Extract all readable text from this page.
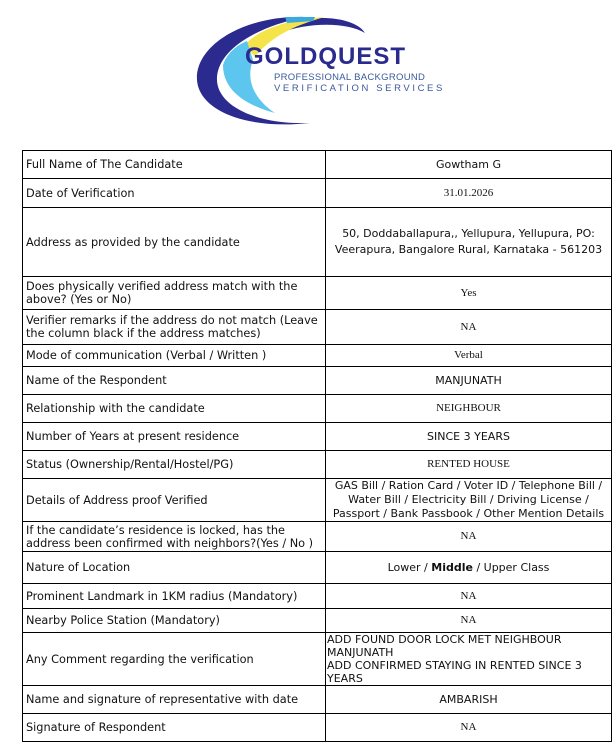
GOLDQUEST
PROFESSIONAL BACKGROUND
VERIFICATION SERVICES
Full Name of The Candidate	Gowtham G
Date of Verification	31.01.2026
Address as provided by the candidate	50, Doddaballapura,, Yellupura, Yellupura, PO: Veerapura, Bangalore Rural, Karnataka - 561203
Does physically verified address match with the above? (Yes or No)	Yes
Verifier remarks if the address do not match (Leave the column black if the address matches)	NA
Mode of communication (Verbal / Written )	Verbal
Name of the Respondent	MANJUNATH
Relationship with the candidate	NEIGHBOUR
Number of Years at present residence	SINCE 3 YEARS
Status (Ownership/Rental/Hostel/PG)	RENTED HOUSE
Details of Address proof Verified	GAS Bill / Ration Card / Voter ID / Telephone Bill / Water Bill / Electricity Bill / Driving License / Passport / Bank Passbook / Other Mention Details
If the candidate’s residence is locked, has the address been confirmed with neighbors?(Yes / No )	NA
Nature of Location	Lower / Middle / Upper Class
Prominent Landmark in 1KM radius (Mandatory)	NA
Nearby Police Station (Mandatory)	NA
Any Comment regarding the verification	ADD FOUND DOOR LOCK MET NEIGHBOUR MANJUNATH
ADD CONFIRMED STAYING IN RENTED SINCE 3 YEARS

Name and signature of representative with date	AMBARISH
Signature of Respondent	NA
